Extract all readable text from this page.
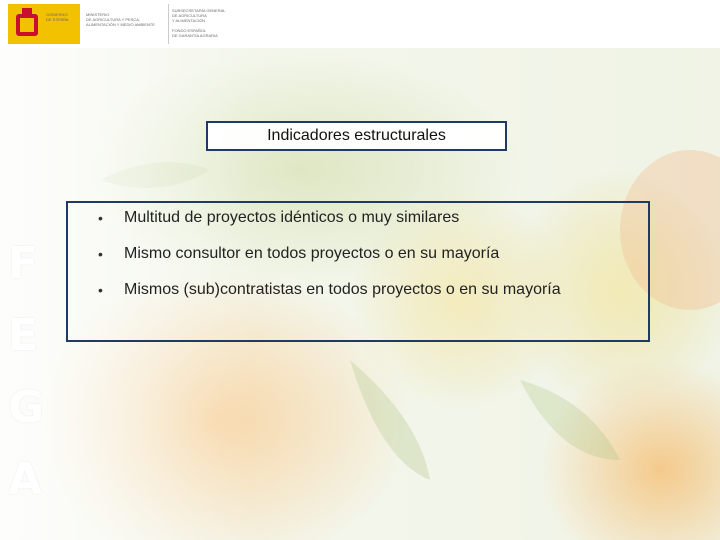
GOBIERNO
DE ESPAÑA
MINISTERIO
DE AGRICULTURA Y PESCA,
ALIMENTACIÓN Y MEDIO AMBIENTE
SUBSECRETARÍA GENERAL
DE AGRICULTURA
Y ALIMENTACIÓN

FONDO ESPAÑOL
DE GARANTÍA AGRARIA
F
E
G
A
Indicadores estructurales
• Multitud de proyectos idénticos o muy similares
• Mismo consultor en todos proyectos o en su mayoría
• Mismos (sub)contratistas en todos proyectos o en su mayoría
